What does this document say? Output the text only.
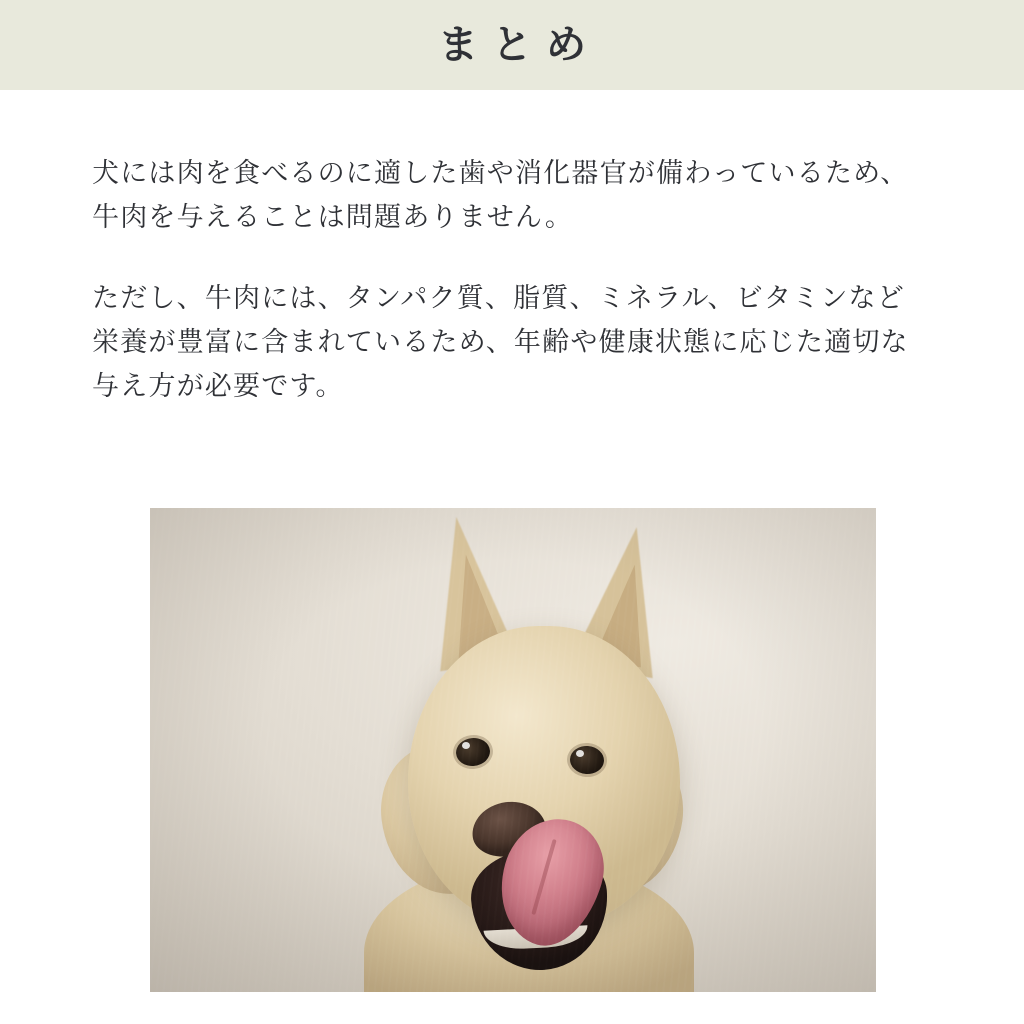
まとめ

犬には肉を食べるのに適した歯や消化器官が備わっているため、牛肉を与えることは問題ありません。

ただし、牛肉には、タンパク質、脂質、ミネラル、ビタミンなど栄養が豊富に含まれているため、年齢や健康状態に応じた適切な与え方が必要です。
